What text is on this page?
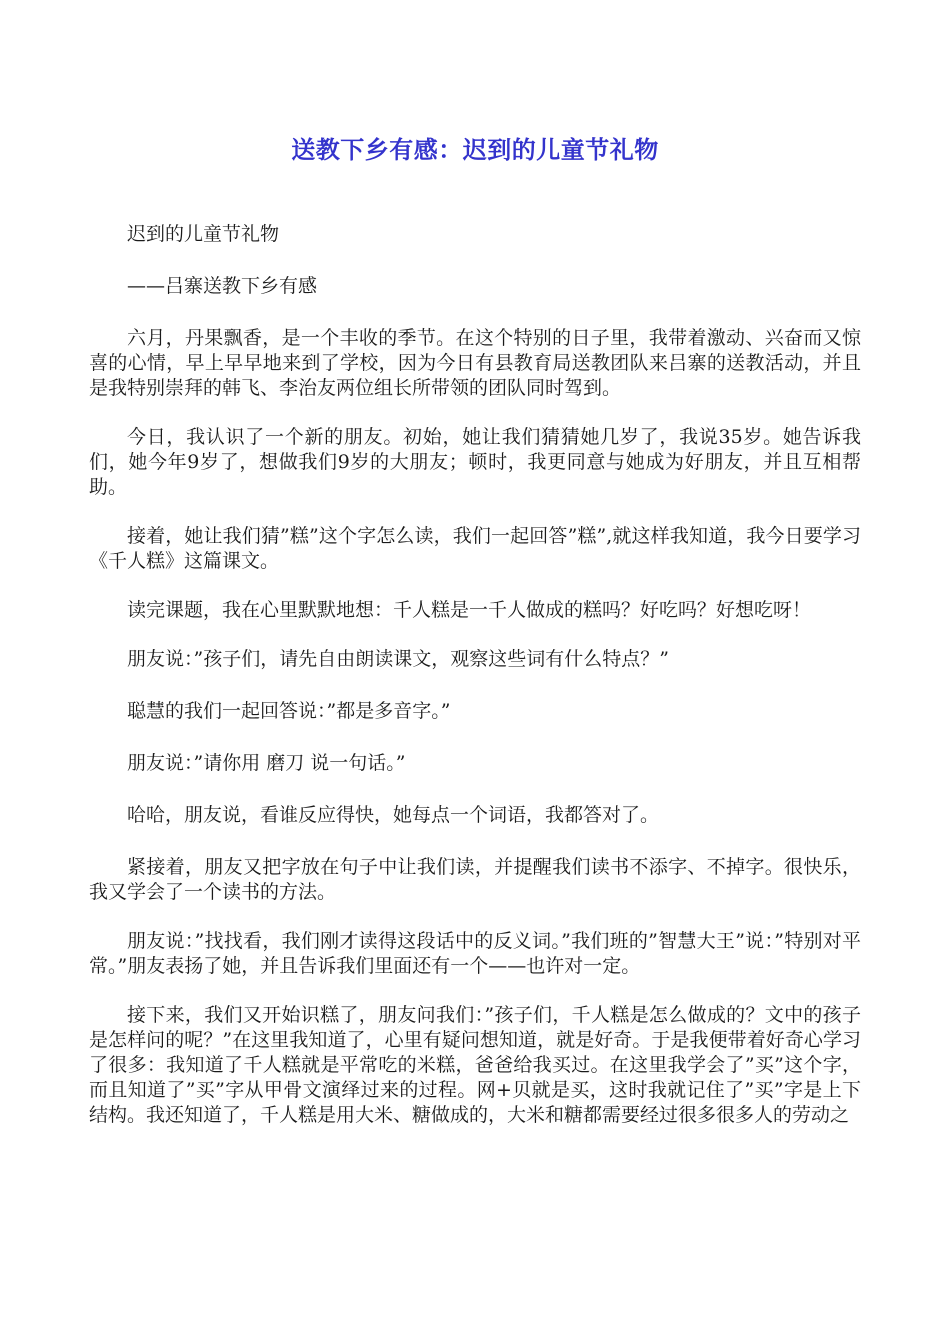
送教下乡有感：迟到的儿童节礼物

迟到的儿童节礼物

——吕寨送教下乡有感

六月，丹果飘香，是一个丰收的季节。在这个特别的日子里，我带着激动、兴奋而又惊喜的心情，早上早早地来到了学校，因为今日有县教育局送教团队来吕寨的送教活动，并且是我特别崇拜的韩飞、李治友两位组长所带领的团队同时驾到。

今日，我认识了一个新的朋友。初始，她让我们猜猜她几岁了，我说35岁。她告诉我们，她今年9岁了，想做我们9岁的大朋友；顿时，我更同意与她成为好朋友，并且互相帮助。

接着，她让我们猜”糕”这个字怎么读，我们一起回答”糕”,就这样我知道，我今日要学习《千人糕》这篇课文。

读完课题，我在心里默默地想：千人糕是一千人做成的糕吗？好吃吗？好想吃呀！

朋友说：”孩子们，请先自由朗读课文，观察这些词有什么特点？”

聪慧的我们一起回答说：”都是多音字。”

朋友说：”请你用 磨刀 说一句话。”

哈哈，朋友说，看谁反应得快，她每点一个词语，我都答对了。

紧接着，朋友又把字放在句子中让我们读，并提醒我们读书不添字、不掉字。很快乐，我又学会了一个读书的方法。

朋友说：”找找看，我们刚才读得这段话中的反义词。”我们班的”智慧大王”说：”特别对平常。”朋友表扬了她，并且告诉我们里面还有一个——也许对一定。

接下来，我们又开始识糕了，朋友问我们：”孩子们，千人糕是怎么做成的？文中的孩子是怎样问的呢？”在这里我知道了，心里有疑问想知道，就是好奇。于是我便带着好奇心学习了很多：我知道了千人糕就是平常吃的米糕，爸爸给我买过。在这里我学会了”买”这个字，而且知道了”买”字从甲骨文演绎过来的过程。网+贝就是买，这时我就记住了”买”字是上下结构。我还知道了，千人糕是用大米、糖做成的，大米和糖都需要经过很多很多人的劳动之
